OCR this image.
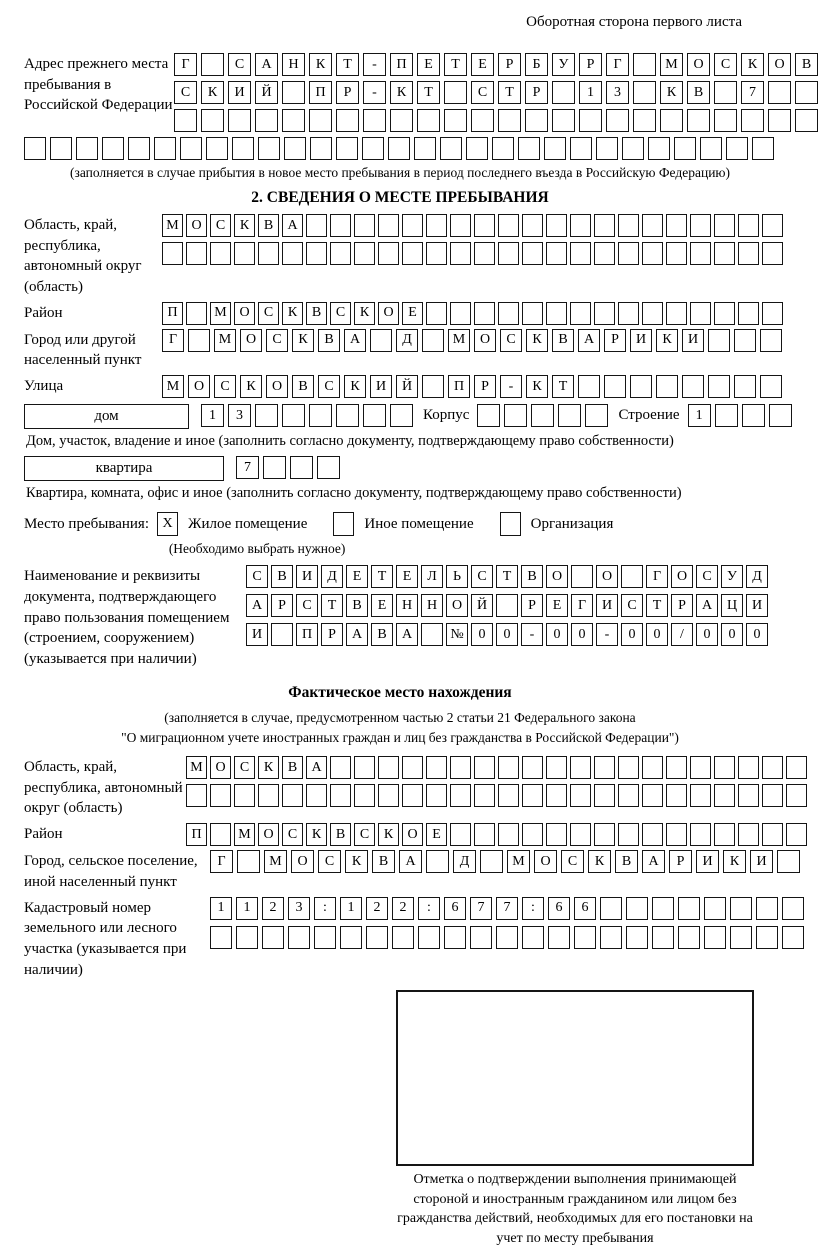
Оборотная сторона первого листа
Адрес прежнего места пребывания в Российской Федерации
Г	С	А	Н	К	Т	-	П	Е	Т	Е	Р	Б	У	Р	Г	М	О	С	К	О	В
С	К	И	Й	П	Р	-	К	Т	С	Т	Р	1	3	К	В	7
(заполняется в случае прибытия в новое место пребывания в период последнего въезда в Российскую Федерацию)
2. СВЕДЕНИЯ О МЕСТЕ ПРЕБЫВАНИЯ
Область, край, республика, автономный округ (область)
М О	С	К	В	А
Район	П	М О	С	К	В	С	К	О	Е
Город или другой населенный пункт
Г	М	О	С	К	В	А	Д	М	О	С	К	В	А	Р	И	К	И
Улица	М	О	С	К	О	В	С	К	И	Й	П	Р	-	К	Т
дом	1	3	Корпус	Строение	1
Дом, участок, владение и иное (заполнить согласно документу, подтверждающему право собственности)
квартира	7
Квартира, комната, офис и иное (заполнить согласно документу, подтверждающему право собственности)
Место пребывания: X	Жилое помещение	Иное помещение	Организация
(Необходимо выбрать нужное)
Наименование и реквизиты документа, подтверждающего право пользования помещением (строением, сооружением) (указывается при наличии)
С	В	И	Д	Е	Т	Е	Л	Ь	С	Т	В	О	О	Г	О	С	У	Д
А	Р	С	Т	В	Е	Н	Н	О	Й	Р	Е	Г	И	С	Т	Р	А	Ц	И
И	П	Р	А	В	А	№	0	0	-	0	0	-	0	0	/	0	0	0
Фактическое место нахождения
(заполняется в случае, предусмотренном частью 2 статьи 21 Федерального закона
"О миграционном учете иностранных граждан и лиц без гражданства в Российской Федерации")
Область, край, республика, автономный округ (область)
М О	С	К	В	А
Район	П	М О	С	К	В	С	К	О	Е
Город, сельское поселение, иной населенный пункт
Г	М	О	С	К	В	А	Д	М	О	С	К	В	А	Р	И	К	И
Кадастровый номер земельного или лесного участка (указывается при наличии)
1	1	2	3	:	1	2	2	:	6	7	7	:	6	6
Отметка о подтверждении выполнения принимающей стороной и иностранным гражданином или лицом без гражданства действий, необходимых для его постановки на учет по месту пребывания
